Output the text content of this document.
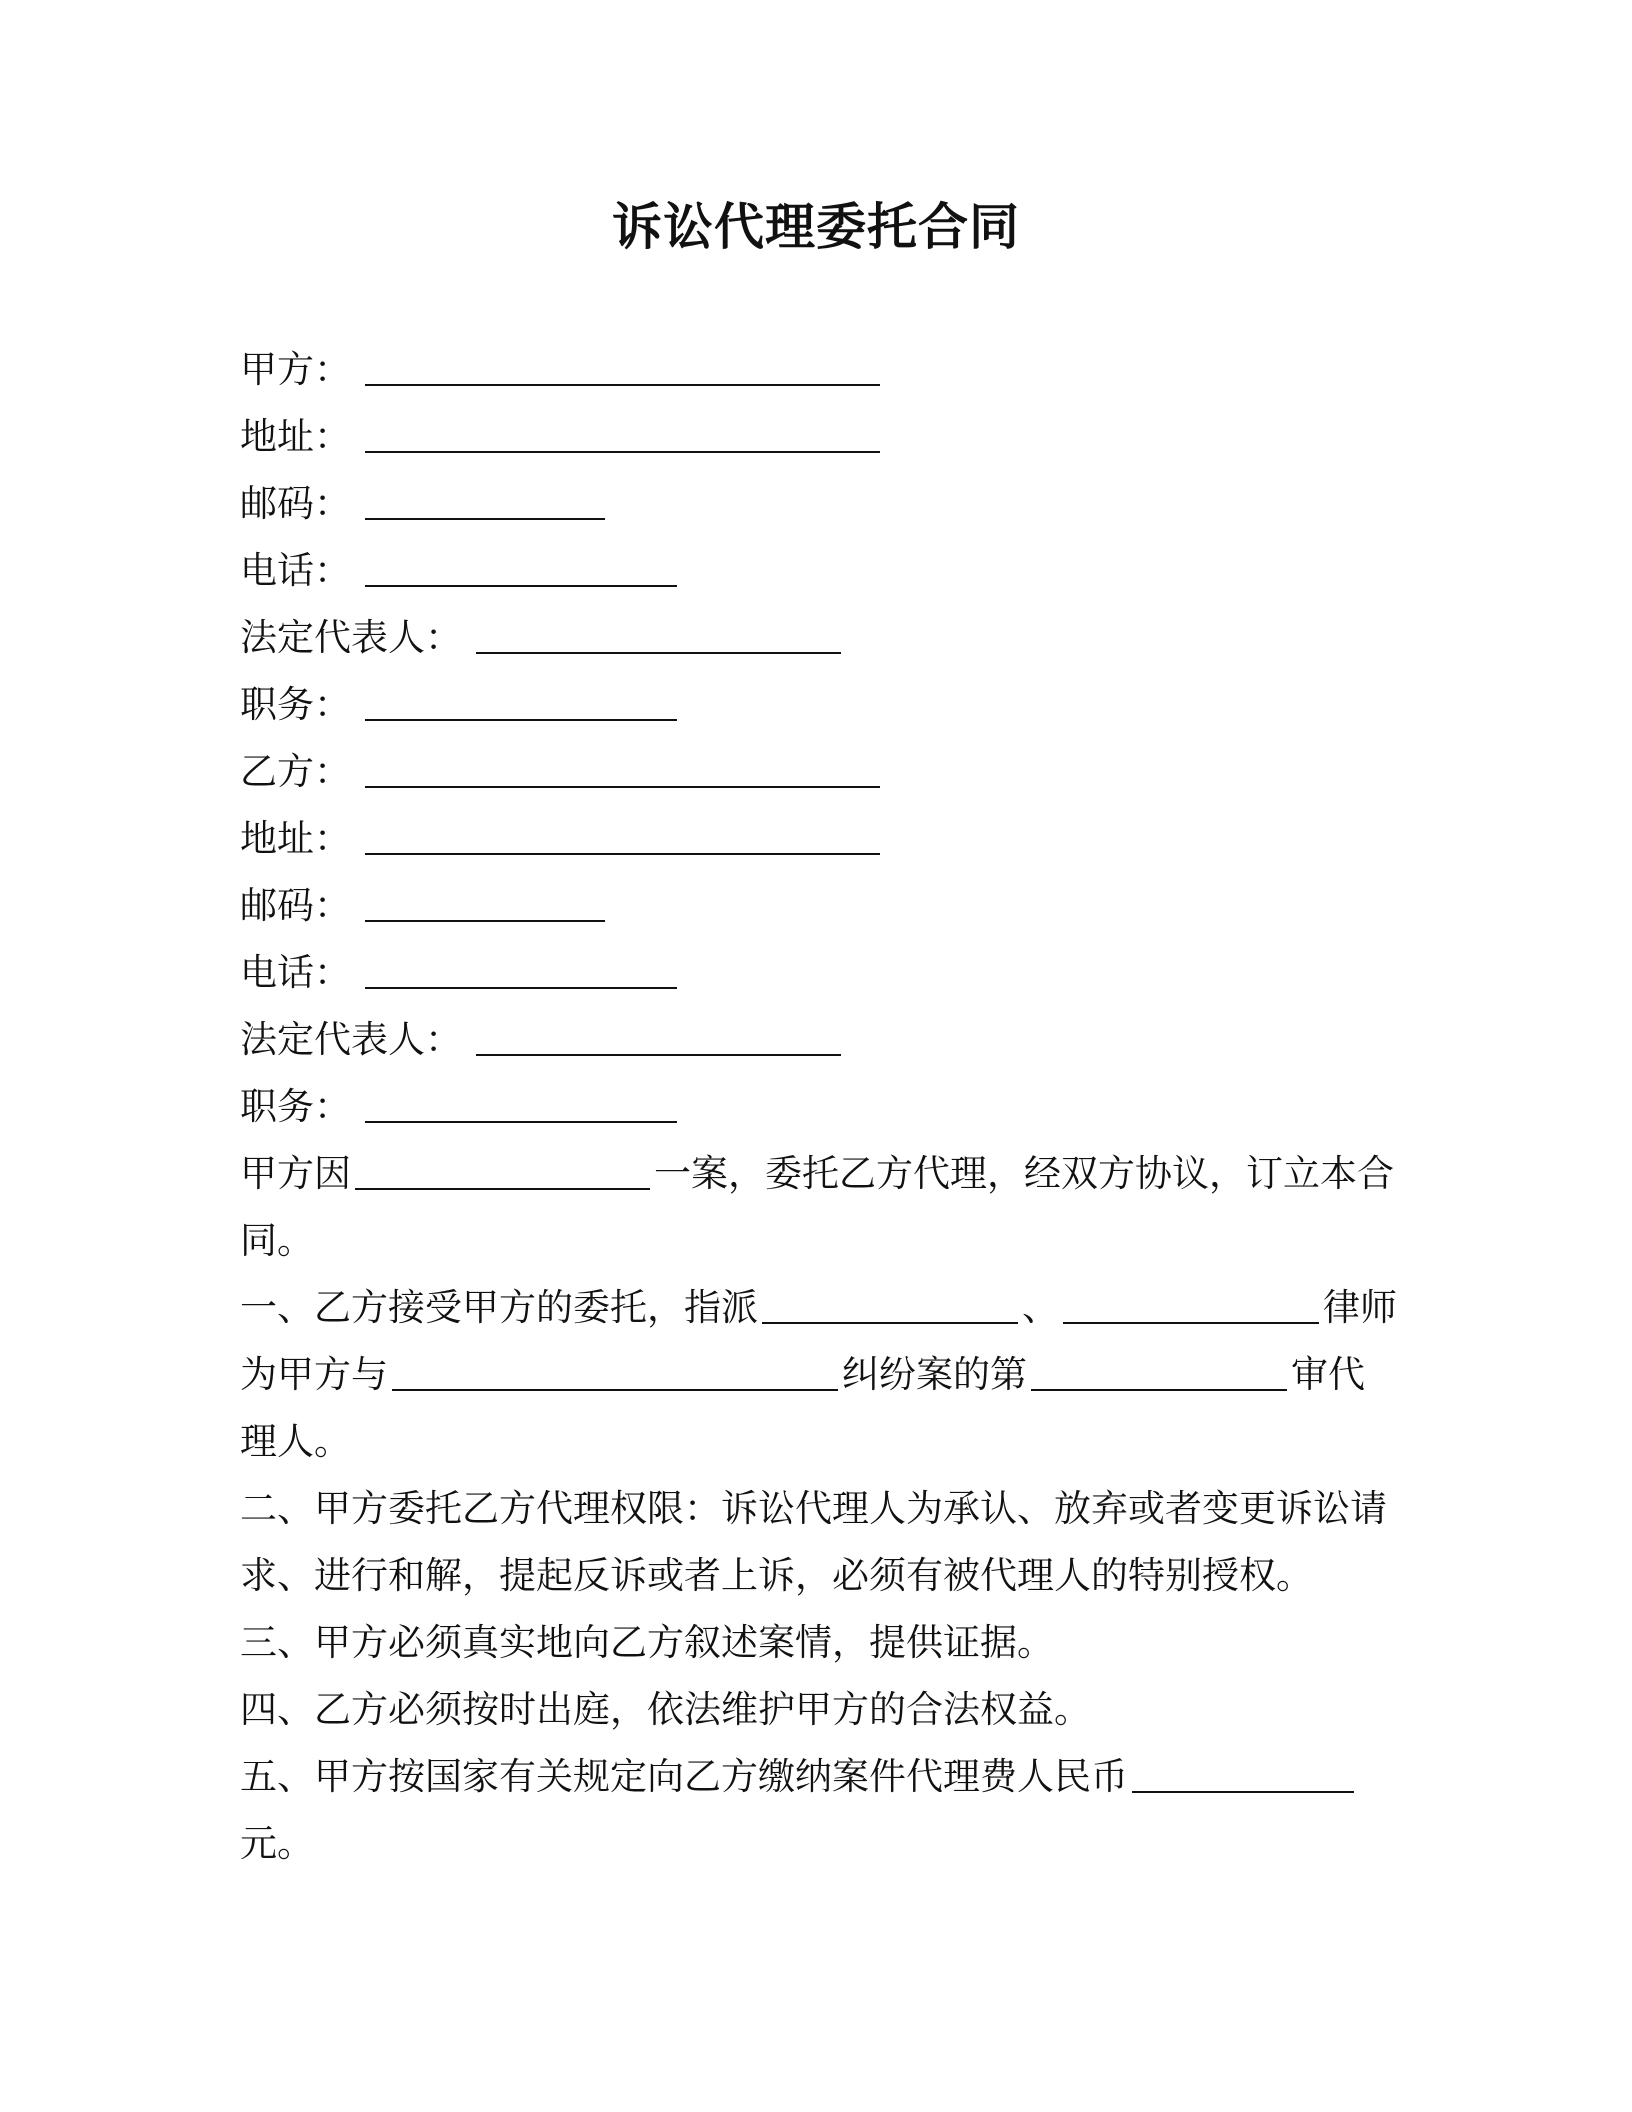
诉讼代理委托合同
甲方：
地址：
邮码：
电话：
法定代表人：
职务：
乙方：
地址：
邮码：
电话：
法定代表人：
职务：
甲方因	一案，委托乙方代理，经双方协议，订立本合
同。
一、乙方接受甲方的委托，指派	、	律师
为甲方与	纠纷案的第	审代
理人。
二、甲方委托乙方代理权限：诉讼代理人为承认、放弃或者变更诉讼请
求、进行和解，提起反诉或者上诉，必须有被代理人的特别授权。
三、甲方必须真实地向乙方叙述案情，提供证据。
四、乙方必须按时出庭，依法维护甲方的合法权益。
五、甲方按国家有关规定向乙方缴纳案件代理费人民币
元。
